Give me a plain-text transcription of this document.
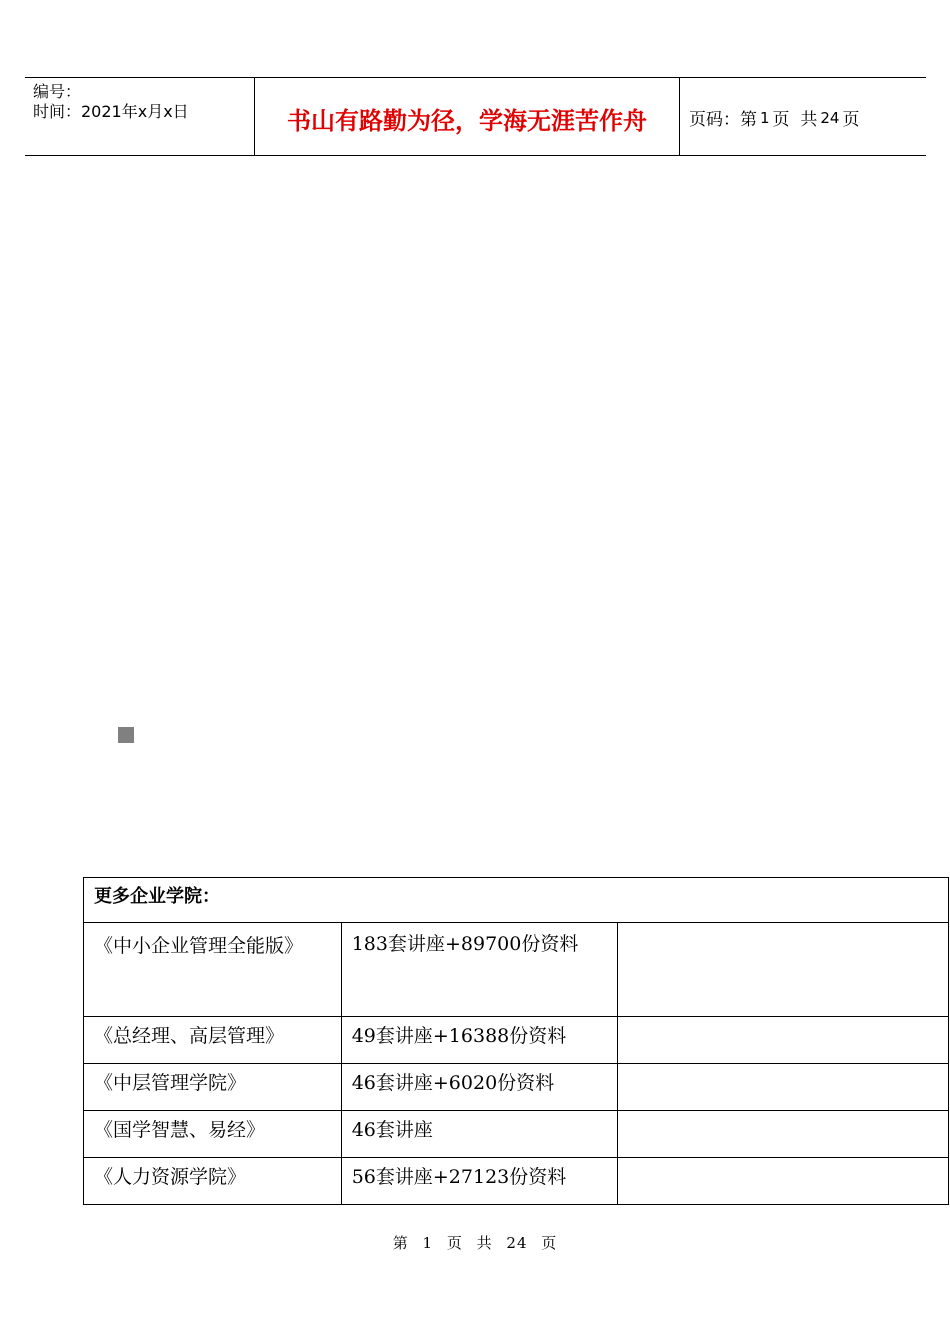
编号：
时间：2021年x月x日	书山有路勤为径，学海无涯苦作舟	页码：第 1 页  共 24 页
更多企业学院：		
《中小企业管理全能版》	183套讲座+89700份资料	
《总经理、高层管理》	49套讲座+16388份资料	
《中层管理学院》	46套讲座+6020份资料	
《国学智慧、易经》	46套讲座	
《人力资源学院》	56套讲座+27123份资料	
第 1 页 共 24 页
